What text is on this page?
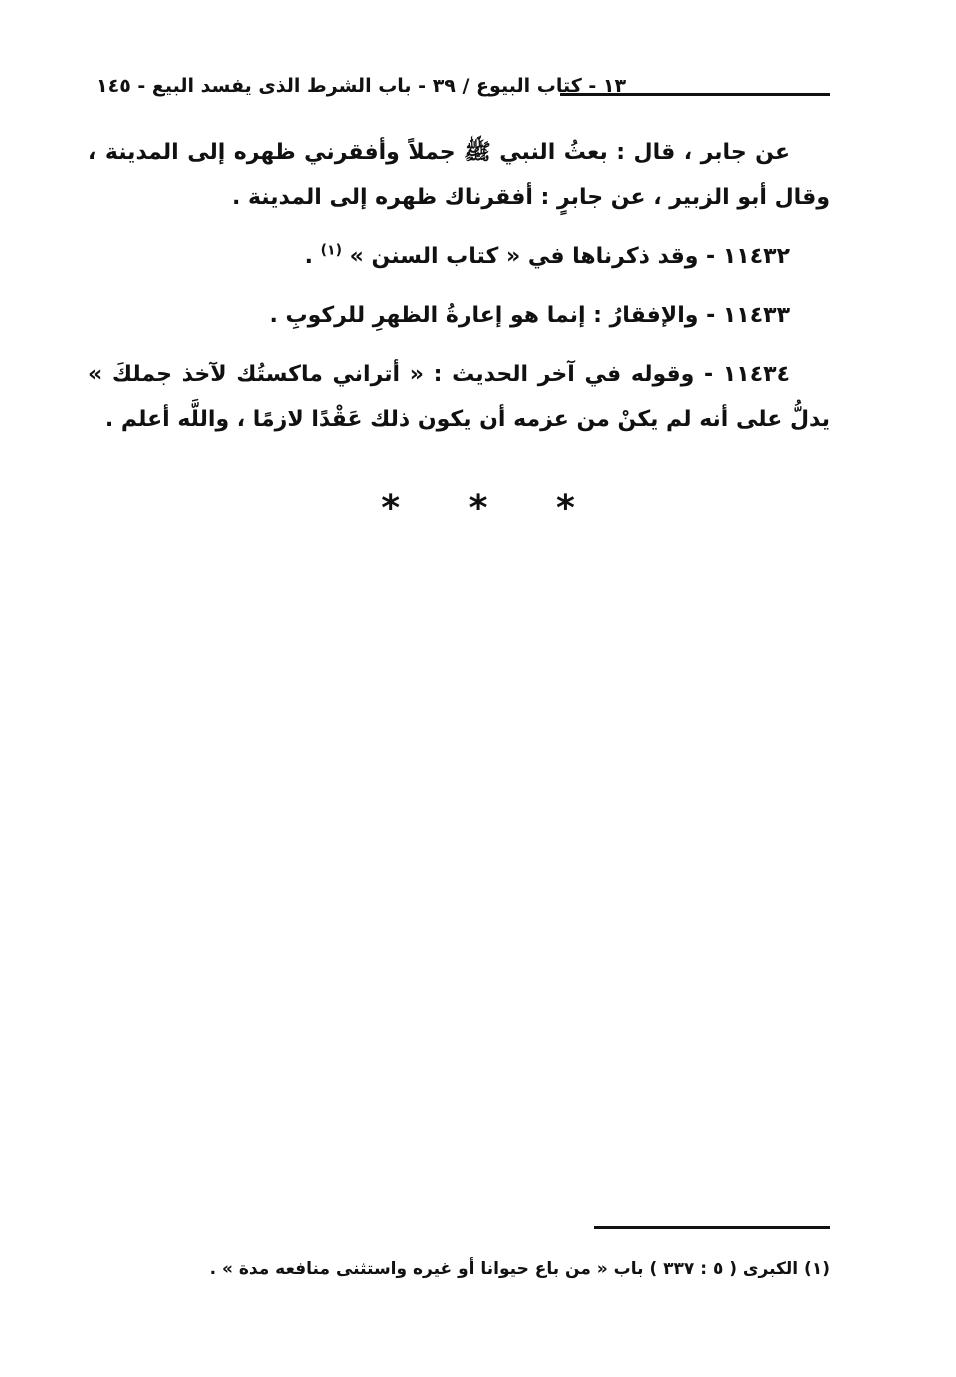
١٣ - كتاب البيوع / ٣٩ - باب الشرط الذى يفسد البيع - ١٤٥

عن جابر ، قال : بعثُ النبي ﷺ جملاً وأفقرني ظهره إلى المدينة ، وقال أبو الزبير ، عن جابرٍ : أفقرناك ظهره إلى المدينة .

١١٤٣٢ - وقد ذكرناها في « كتاب السنن » $^{(١)}$ .

١١٤٣٣ - والإفقارُ : إنما هو إعارةُ الظهرِ للركوبِ .

١١٤٣٤ - وقوله في آخر الحديث : « أتراني ماكستُك لآخذ جملكَ » يدلُّ على أنه لم يكنْ من عزمه أن يكون ذلك عَقْدًا لازمًا ، واللَّه أعلم .

* * *
(١) الكبرى ( ٥ : ٣٣٧ ) باب « من باع حيوانا أو غيره واستثنى منافعه مدة » .
